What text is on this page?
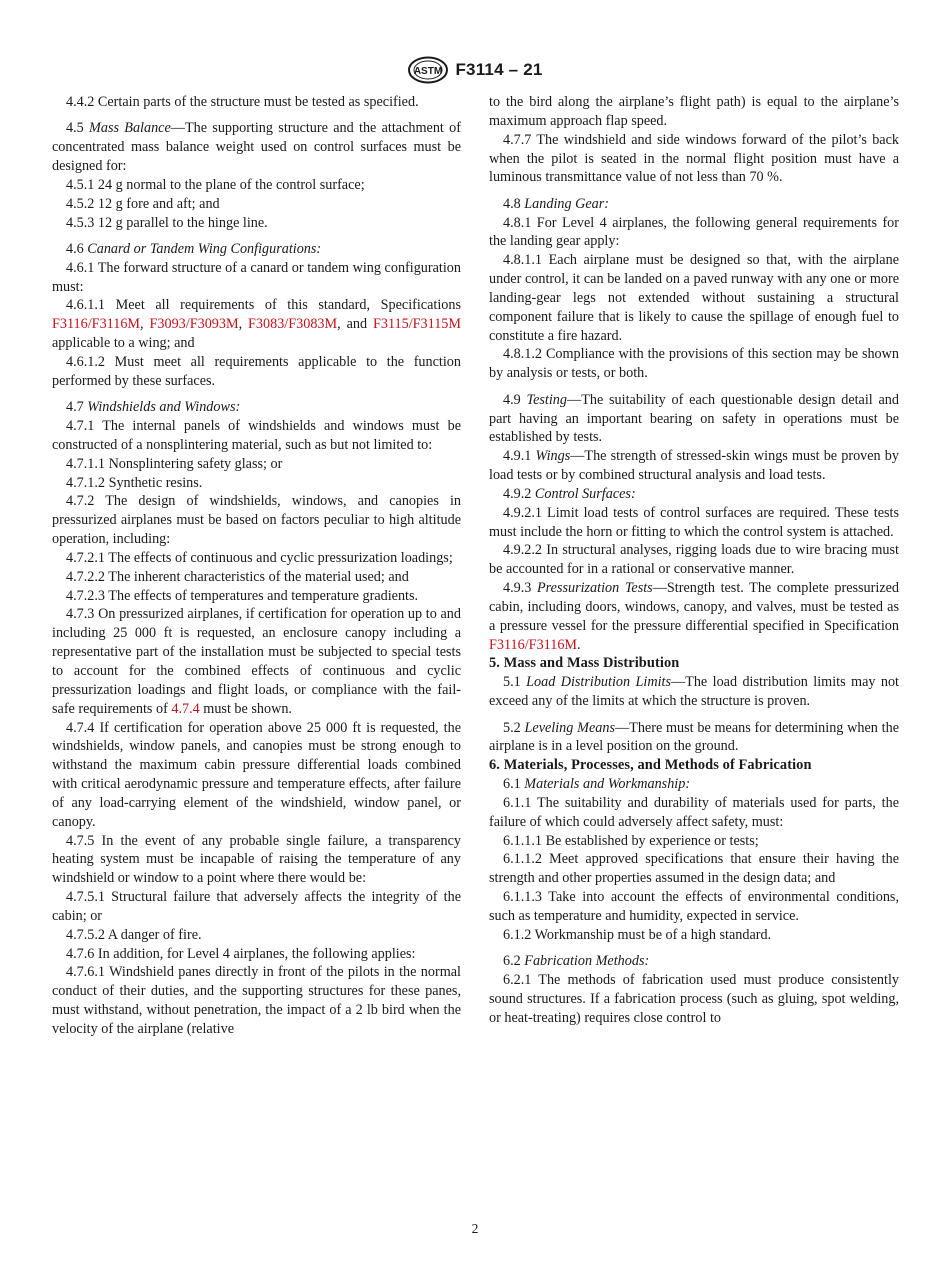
ASTM F3114 – 21

4.4.2 Certain parts of the structure must be tested as specified.

4.5 Mass Balance—The supporting structure and the attachment of concentrated mass balance weight used on control surfaces must be designed for:

4.5.1 24 g normal to the plane of the control surface;

4.5.2 12 g fore and aft; and

4.5.3 12 g parallel to the hinge line.

4.6 Canard or Tandem Wing Configurations:

4.6.1 The forward structure of a canard or tandem wing configuration must:

4.6.1.1 Meet all requirements of this standard, Specifications F3116/F3116M, F3093/F3093M, F3083/F3083M, and F3115/F3115M applicable to a wing; and

4.6.1.2 Must meet all requirements applicable to the function performed by these surfaces.

4.7 Windshields and Windows:

4.7.1 The internal panels of windshields and windows must be constructed of a nonsplintering material, such as but not limited to:

4.7.1.1 Nonsplintering safety glass; or

4.7.1.2 Synthetic resins.

4.7.2 The design of windshields, windows, and canopies in pressurized airplanes must be based on factors peculiar to high altitude operation, including:

4.7.2.1 The effects of continuous and cyclic pressurization loadings;

4.7.2.2 The inherent characteristics of the material used; and

4.7.2.3 The effects of temperatures and temperature gradients.

4.7.3 On pressurized airplanes, if certification for operation up to and including 25 000 ft is requested, an enclosure canopy including a representative part of the installation must be subjected to special tests to account for the combined effects of continuous and cyclic pressurization loadings and flight loads, or compliance with the fail-safe requirements of 4.7.4 must be shown.

4.7.4 If certification for operation above 25 000 ft is requested, the windshields, window panels, and canopies must be strong enough to withstand the maximum cabin pressure differential loads combined with critical aerodynamic pressure and temperature effects, after failure of any load-carrying element of the windshield, window panel, or canopy.

4.7.5 In the event of any probable single failure, a transparency heating system must be incapable of raising the temperature of any windshield or window to a point where there would be:

4.7.5.1 Structural failure that adversely affects the integrity of the cabin; or

4.7.5.2 A danger of fire.

4.7.6 In addition, for Level 4 airplanes, the following applies:

4.7.6.1 Windshield panes directly in front of the pilots in the normal conduct of their duties, and the supporting structures for these panes, must withstand, without penetration, the impact of a 2 lb bird when the velocity of the airplane (relative

to the bird along the airplane’s flight path) is equal to the airplane’s maximum approach flap speed.

4.7.7 The windshield and side windows forward of the pilot’s back when the pilot is seated in the normal flight position must have a luminous transmittance value of not less than 70 %.

4.8 Landing Gear:

4.8.1 For Level 4 airplanes, the following general requirements for the landing gear apply:

4.8.1.1 Each airplane must be designed so that, with the airplane under control, it can be landed on a paved runway with any one or more landing-gear legs not extended without sustaining a structural component failure that is likely to cause the spillage of enough fuel to constitute a fire hazard.

4.8.1.2 Compliance with the provisions of this section may be shown by analysis or tests, or both.

4.9 Testing—The suitability of each questionable design detail and part having an important bearing on safety in operations must be established by tests.

4.9.1 Wings—The strength of stressed-skin wings must be proven by load tests or by combined structural analysis and load tests.

4.9.2 Control Surfaces:

4.9.2.1 Limit load tests of control surfaces are required. These tests must include the horn or fitting to which the control system is attached.

4.9.2.2 In structural analyses, rigging loads due to wire bracing must be accounted for in a rational or conservative manner.

4.9.3 Pressurization Tests—Strength test. The complete pressurized cabin, including doors, windows, canopy, and valves, must be tested as a pressure vessel for the pressure differential specified in Specification F3116/F3116M.

5. Mass and Mass Distribution

5.1 Load Distribution Limits—The load distribution limits may not exceed any of the limits at which the structure is proven.

5.2 Leveling Means—There must be means for determining when the airplane is in a level position on the ground.

6. Materials, Processes, and Methods of Fabrication

6.1 Materials and Workmanship:

6.1.1 The suitability and durability of materials used for parts, the failure of which could adversely affect safety, must:

6.1.1.1 Be established by experience or tests;

6.1.1.2 Meet approved specifications that ensure their having the strength and other properties assumed in the design data; and

6.1.1.3 Take into account the effects of environmental conditions, such as temperature and humidity, expected in service.

6.1.2 Workmanship must be of a high standard.

6.2 Fabrication Methods:

6.2.1 The methods of fabrication used must produce consistently sound structures. If a fabrication process (such as gluing, spot welding, or heat-treating) requires close control to

2
